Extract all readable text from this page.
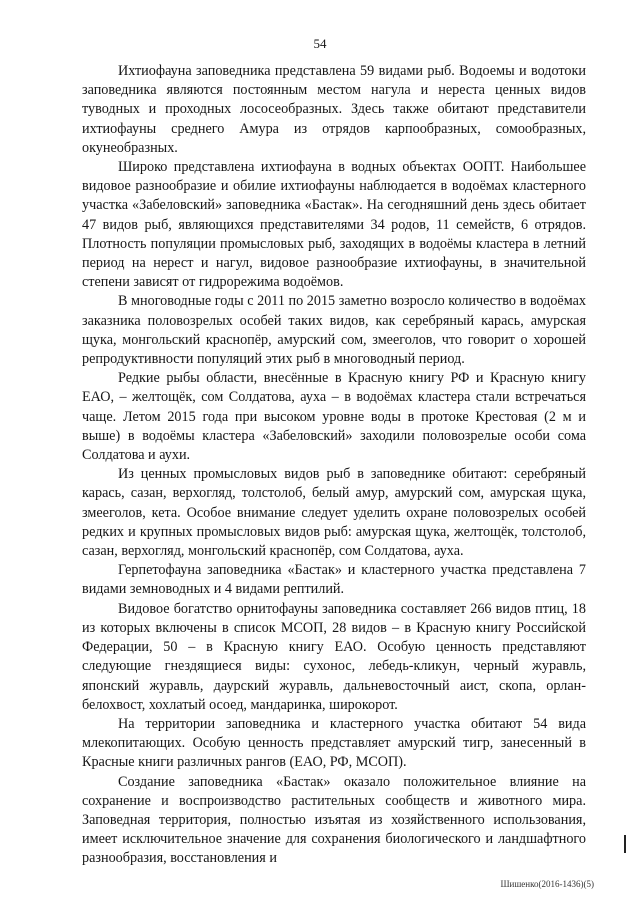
54

Ихтиофауна заповедника представлена 59 видами рыб. Водоемы и водотоки заповедника являются постоянным местом нагула и нереста ценных видов туводных и проходных лососеобразных. Здесь также обитают представители ихтиофауны среднего Амура из отрядов карпообразных, сомообразных, окунеобразных.

Широко представлена ихтиофауна в водных объектах ООПТ. Наибольшее видовое разнообразие и обилие ихтиофауны наблюдается в водоёмах кластерного участка «Забеловский» заповедника «Бастак». На сегодняшний день здесь обитает 47 видов рыб, являющихся представителями 34 родов, 11 семейств, 6 отрядов. Плотность популяции промысловых рыб, заходящих в водоёмы кластера в летний период на нерест и нагул, видовое разнообразие ихтиофауны, в значительной степени зависят от гидрорежима водоёмов.

В многоводные годы с 2011 по 2015 заметно возросло количество в водоёмах заказника половозрелых особей таких видов, как серебряный карась, амурская щука, монгольский краснопёр, амурский сом, змееголов, что говорит о хорошей репродуктивности популяций этих рыб в многоводный период.

Редкие рыбы области, внесённые в Красную книгу РФ и Красную книгу ЕАО, – желтощёк, сом Солдатова, ауха – в водоёмах кластера стали встречаться чаще. Летом 2015 года при высоком уровне воды в протоке Крестовая (2 м и выше) в водоёмы кластера «Забеловский» заходили половозрелые особи сома Солдатова и аухи.

Из ценных промысловых видов рыб в заповеднике обитают: серебряный карась, сазан, верхогляд, толстолоб, белый амур, амурский сом, амурская щука, змееголов, кета. Особое внимание следует уделить охране половозрелых особей редких и крупных промысловых видов рыб: амурская щука, желтощёк, толстолоб, сазан, верхогляд, монгольский краснопёр, сом Солдатова, ауха.

Герпетофауна заповедника «Бастак» и кластерного участка представлена 7 видами земноводных и 4 видами рептилий.

Видовое богатство орнитофауны заповедника составляет 266 видов птиц, 18 из которых включены в список МСОП, 28 видов – в Красную книгу Российской Федерации, 50 – в Красную книгу ЕАО. Особую ценность представляют следующие гнездящиеся виды: сухонос, лебедь-кликун, черный журавль, японский журавль, даурский журавль, дальневосточный аист, скопа, орлан-белохвост, хохлатый осоед, мандаринка, широкорот.

На территории заповедника и кластерного участка обитают 54 вида млекопитающих. Особую ценность представляет амурский тигр, занесенный в Красные книги различных рангов (ЕАО, РФ, МСОП).

Создание заповедника «Бастак» оказало положительное влияние на сохранение и воспроизводство растительных сообществ и животного мира. Заповедная территория, полностью изъятая из хозяйственного использования, имеет исключительное значение для сохранения биологического и ландшафтного разнообразия, восстановления и

Шишенко(2016-1436)(5)
